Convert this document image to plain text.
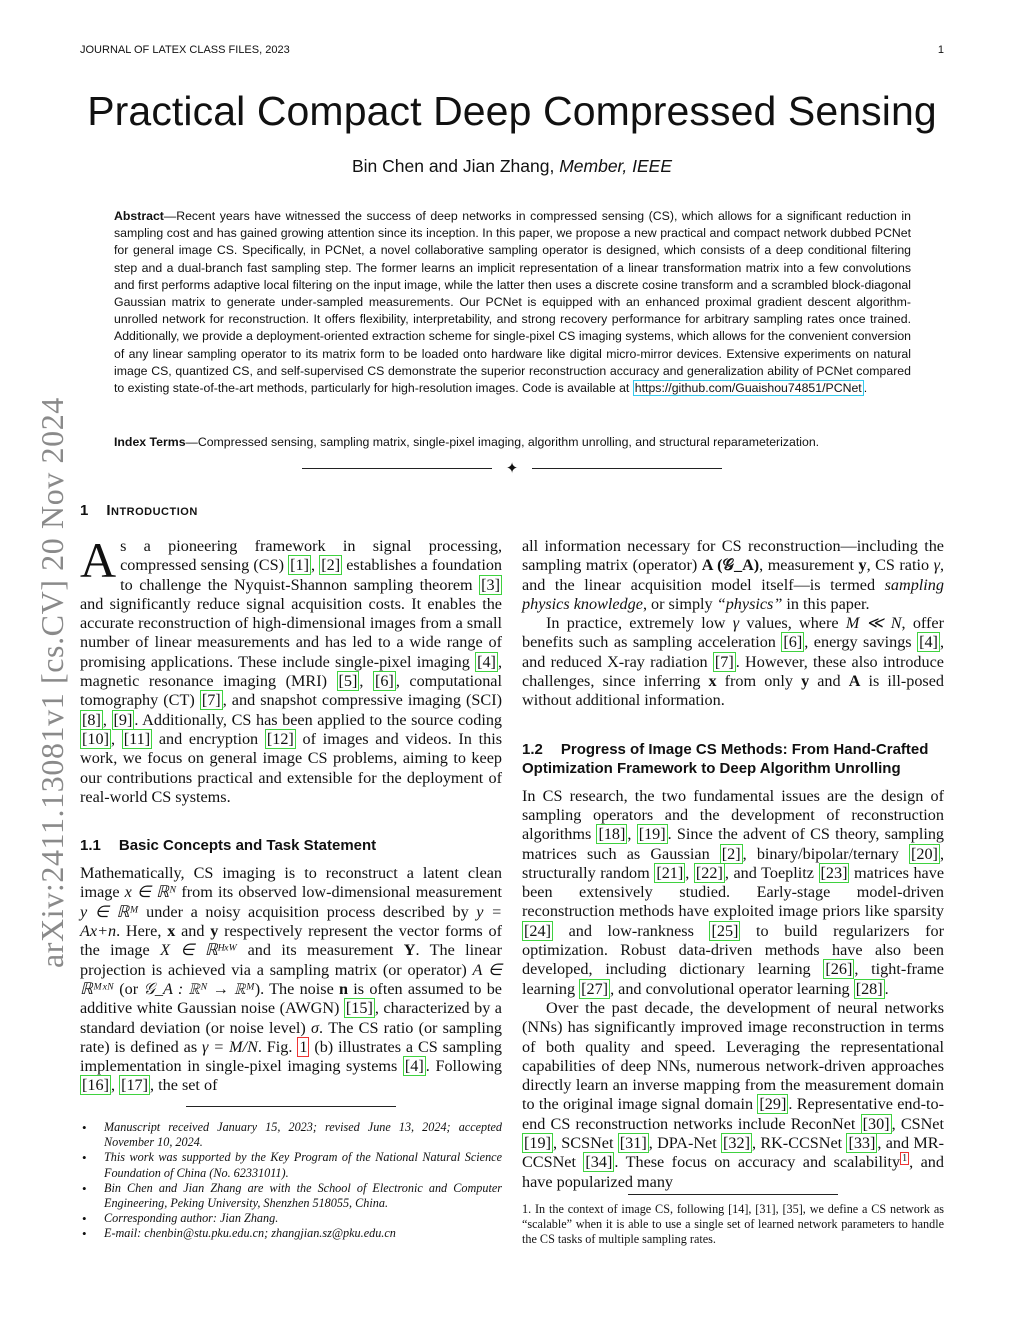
JOURNAL OF LATEX CLASS FILES, 2023	1
Practical Compact Deep Compressed Sensing
Bin Chen and Jian Zhang, Member, IEEE
Abstract—Recent years have witnessed the success of deep networks in compressed sensing (CS), which allows for a significant reduction in sampling cost and has gained growing attention since its inception. In this paper, we propose a new practical and compact network dubbed PCNet for general image CS. Specifically, in PCNet, a novel collaborative sampling operator is designed, which consists of a deep conditional filtering step and a dual-branch fast sampling step. The former learns an implicit representation of a linear transformation matrix into a few convolutions and first performs adaptive local filtering on the input image, while the latter then uses a discrete cosine transform and a scrambled block-diagonal Gaussian matrix to generate under-sampled measurements. Our PCNet is equipped with an enhanced proximal gradient descent algorithm-unrolled network for reconstruction. It offers flexibility, interpretability, and strong recovery performance for arbitrary sampling rates once trained. Additionally, we provide a deployment-oriented extraction scheme for single-pixel CS imaging systems, which allows for the convenient conversion of any linear sampling operator to its matrix form to be loaded onto hardware like digital micro-mirror devices. Extensive experiments on natural image CS, quantized CS, and self-supervised CS demonstrate the superior reconstruction accuracy and generalization ability of PCNet compared to existing state-of-the-art methods, particularly for high-resolution images. Code is available at https://github.com/Guaishou74851/PCNet .
Index Terms—Compressed sensing, sampling matrix, single-pixel imaging, algorithm unrolling, and structural reparameterization.
✦
arXiv:2411.13081v1 [cs.CV] 20 Nov 2024 1 Introduction

As a pioneering framework in signal processing, compressed sensing (CS) [1] , [2] establishes a foundation to challenge the Nyquist-Shannon sampling theorem [3] and significantly reduce signal acquisition costs. It enables the accurate reconstruction of high-dimensional images from a small number of linear measurements and has led to a wide range of promising applications. These include single-pixel imaging [4] , magnetic resonance imaging (MRI) [5] , [6] , computational tomography (CT) [7] , and snapshot compressive imaging (SCI) [8] , [9] . Additionally, CS has been applied to the source coding [10] , [11] and encryption [12] of images and videos. In this work, we focus on general image CS problems, aiming to keep our contributions practical and extensible for the deployment of real-world CS systems.

1.1 Basic Concepts and Task Statement

Mathematically, CS imaging is to reconstruct a latent clean image x ∈ ℝᴺ from its observed low-dimensional measurement y ∈ ℝᴹ under a noisy acquisition process described by y = Ax+n. Here, x and y respectively represent the vector forms of the image X ∈ ℝᴴˣᵂ and its measurement Y. The linear projection is achieved via a sampling matrix (or operator) A ∈ ℝᴹˣᴺ (or 𝒢_A : ℝᴺ → ℝᴹ). The noise n is often assumed to be additive white Gaussian noise (AWGN) [15] , characterized by a standard deviation (or noise level) σ. The CS ratio (or sampling rate) is defined as γ = M/N. Fig. 1 (b) illustrates a CS sampling implementation in single-pixel imaging systems [4] . Following [16] , [17] , the set of

• Manuscript received January 15, 2023; revised June 13, 2024; accepted November 10, 2024.
• This work was supported by the Key Program of the National Natural Science Foundation of China (No. 62331011).
• Bin Chen and Jian Zhang are with the School of Electronic and Computer Engineering, Peking University, Shenzhen 518055, China.
• Corresponding author: Jian Zhang.
• E-mail: chenbin@stu.pku.edu.cn; zhangjian.sz@pku.edu.cn

all information necessary for CS reconstruction—including the sampling matrix (operator) A (𝒢_A), measurement y, CS ratio γ, and the linear acquisition model itself—is termed sampling physics knowledge, or simply “physics” in this paper.

In practice, extremely low γ values, where M ≪ N, offer benefits such as sampling acceleration [6] , energy savings [4] , and reduced X-ray radiation [7] . However, these also introduce challenges, since inferring x from only y and A is ill-posed without additional information.

1.2 Progress of Image CS Methods: From Hand-Crafted Optimization Framework to Deep Algorithm Unrolling

In CS research, the two fundamental issues are the design of sampling operators and the development of reconstruction algorithms [18] , [19] . Since the advent of CS theory, sampling matrices such as Gaussian [2] , binary/bipolar/ternary [20] , structurally random [21] , [22] , and Toeplitz [23] matrices have been extensively studied. Early-stage model-driven reconstruction methods have exploited image priors like sparsity [24] and low-rankness [25] to build regularizers for optimization. Robust data-driven methods have also been developed, including dictionary learning [26] , tight-frame learning [27] , and convolutional operator learning [28] .

Over the past decade, the development of neural networks (NNs) has significantly improved image reconstruction in terms of both quality and speed. Leveraging the representational capabilities of deep NNs, numerous network-driven approaches directly learn an inverse mapping from the measurement domain to the original image signal domain [29] . Representative end-to-end CS reconstruction networks include ReconNet [30] , CSNet [19] , SCSNet [31] , DPA-Net [32] , RK-CCSNet [33] , and MR-CCSNet [34] . These focus on accuracy and scalability $^1$ , and have popularized many

1. In the context of image CS, following [14], [31], [35], we define a CS network as “scalable” when it is able to use a single set of learned network parameters to handle the CS tasks of multiple sampling rates.
